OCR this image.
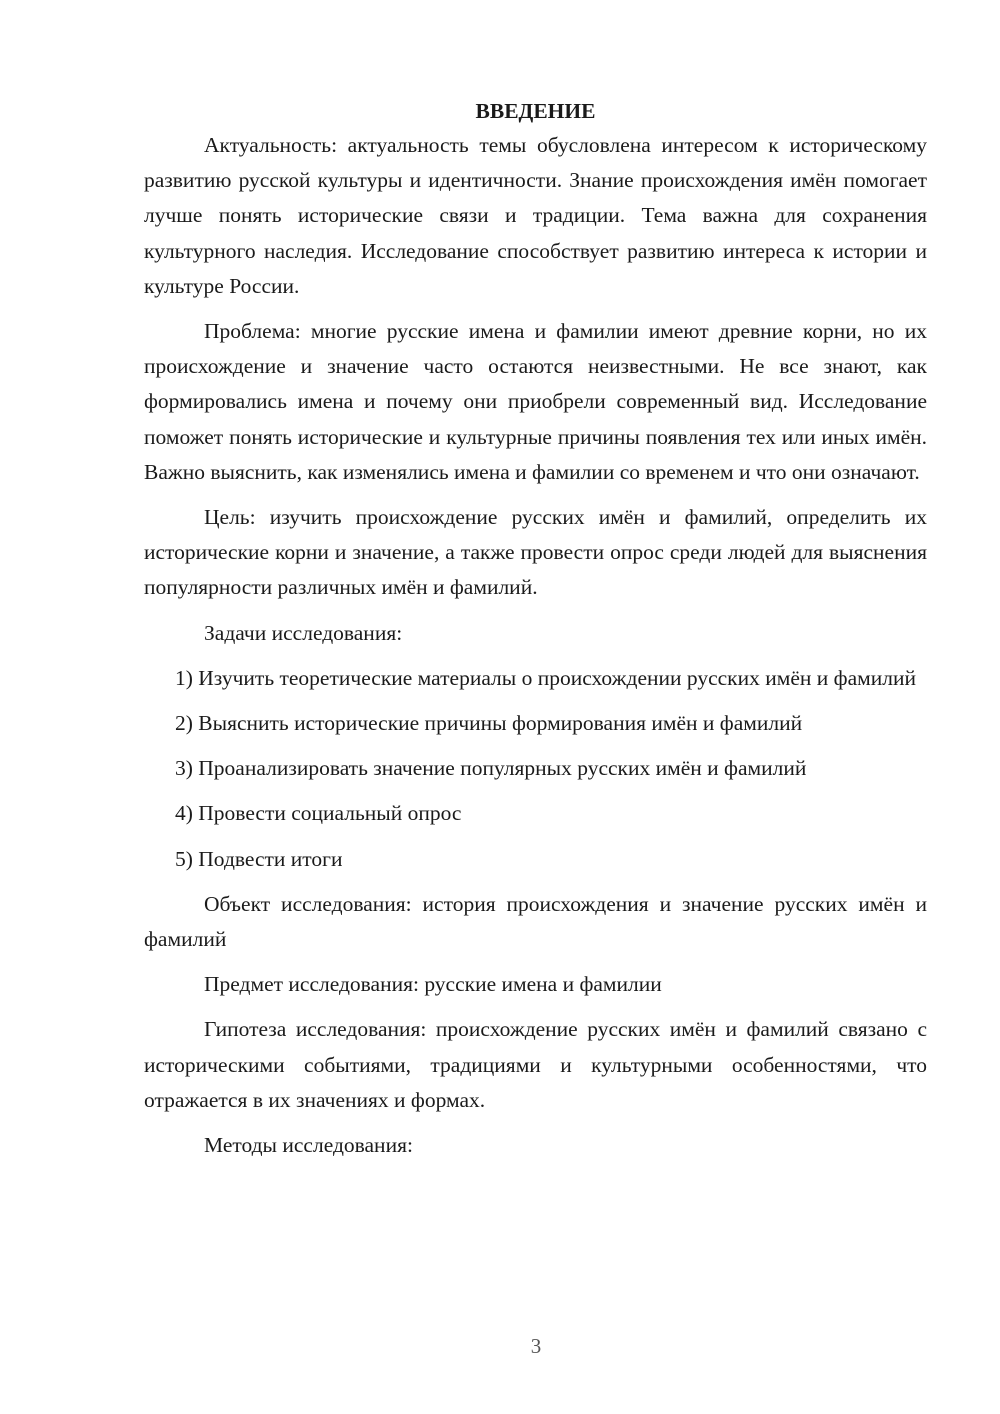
ВВЕДЕНИЕ

Актуальность: актуальность темы обусловлена интересом к историческому развитию русской культуры и идентичности. Знание происхождения имён помогает лучше понять исторические связи и традиции. Тема важна для сохранения культурного наследия. Исследование способствует развитию интереса к истории и культуре России.

Проблема: многие русские имена и фамилии имеют древние корни, но их происхождение и значение часто остаются неизвестными. Не все знают, как формировались имена и почему они приобрели современный вид. Исследование поможет понять исторические и культурные причины появления тех или иных имён. Важно выяснить, как изменялись имена и фамилии со временем и что они означают.

Цель: изучить происхождение русских имён и фамилий, определить их исторические корни и значение, а также провести опрос среди людей для выяснения популярности различных имён и фамилий.

Задачи исследования:

1) Изучить теоретические материалы о происхождении русских имён и фамилий

2) Выяснить исторические причины формирования имён и фамилий

3) Проанализировать значение популярных русских имён и фамилий

4) Провести социальный опрос

5) Подвести итоги

Объект исследования: история происхождения и значение русских имён и фамилий

Предмет исследования: русские имена и фамилии

Гипотеза исследования: происхождение русских имён и фамилий связано с историческими событиями, традициями и культурными особенностями, что отражается в их значениях и формах.

Методы исследования:

3
